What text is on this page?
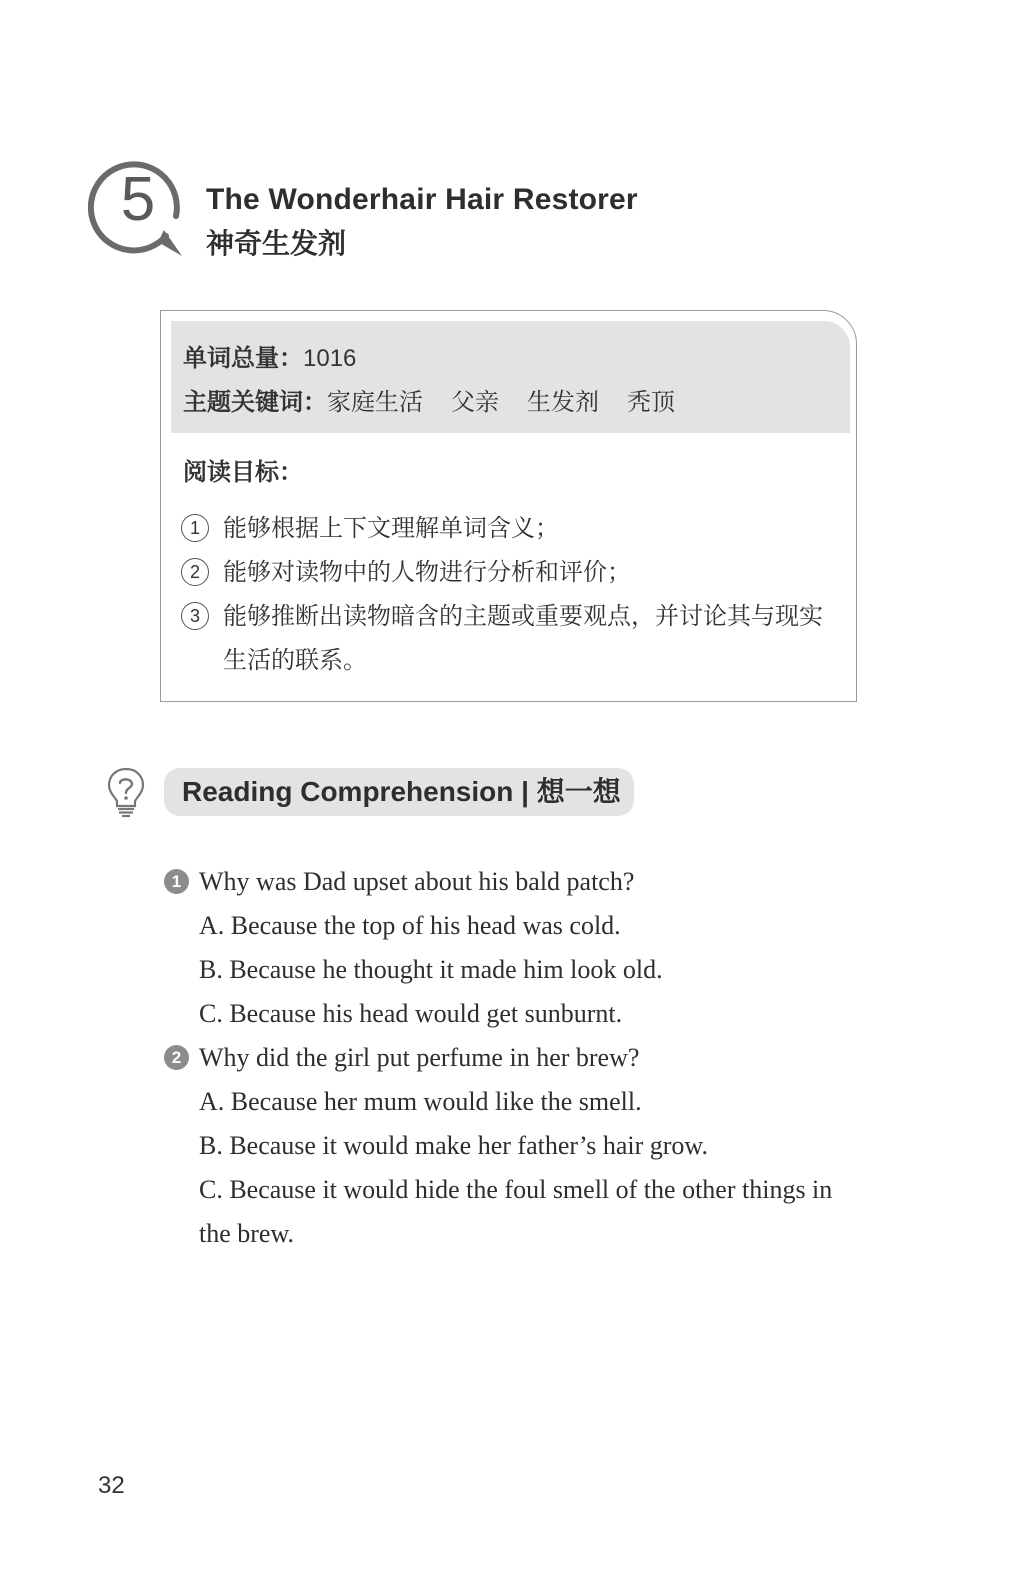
5 The Wonderhair Hair Restorer
神奇生发剂
单词总量：1016
主题关键词：家庭生活 父亲 生发剂 秃顶
阅读目标：
1 能够根据上下文理解单词含义；
2 能够对读物中的人物进行分析和评价；
3 能够推断出读物暗含的主题或重要观点，并讨论其与现实生活的联系。
Reading Comprehension | 想一想
1 Why was Dad upset about his bald patch?
A. Because the top of his head was cold.
B. Because he thought it made him look old.
C. Because his head would get sunburnt.
2 Why did the girl put perfume in her brew?
A. Because her mum would like the smell.
B. Because it would make her father’s hair grow.
C. Because it would hide the foul smell of the other things in the brew.
32
